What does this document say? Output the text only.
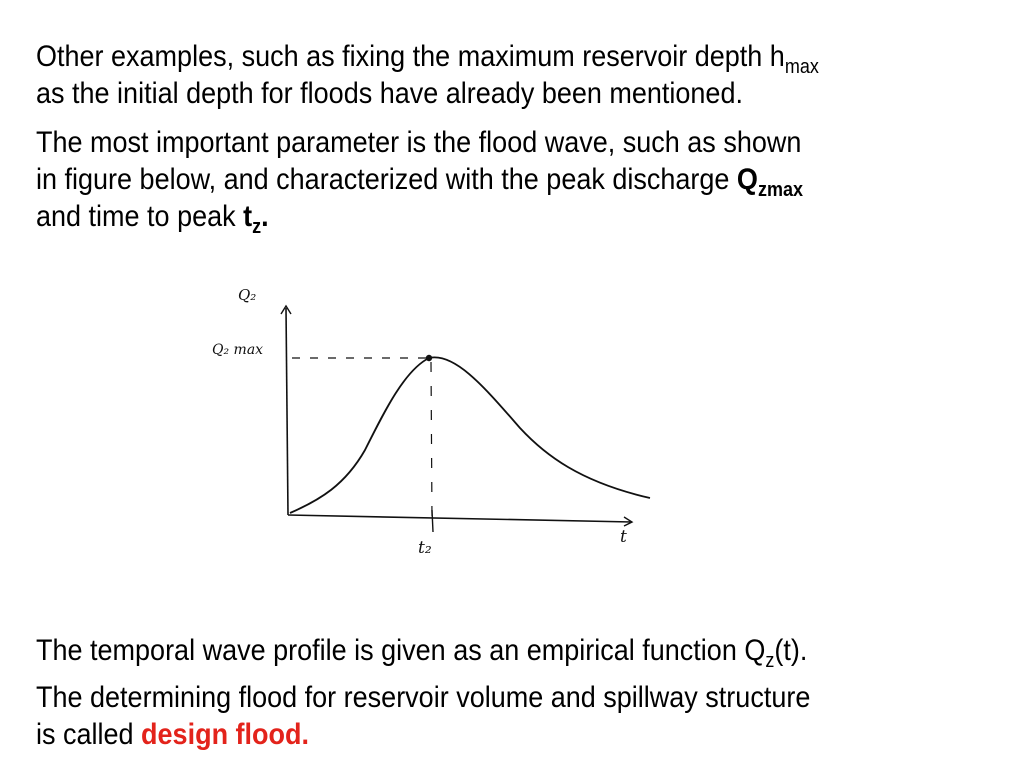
Other examples, such as fixing the maximum reservoir depth $h_{max}$
as the initial depth for floods have already been mentioned.

The most important parameter is the flood wave, such as shown
in figure below, and characterized with the peak discharge $Q_{zmax}$
and time to peak $t_z$.

Q₂
Q₂ max
t₂
t

The temporal wave profile is given as an empirical function $Q_z(t)$.

The determining flood for reservoir volume and spillway structure
is called design flood.
